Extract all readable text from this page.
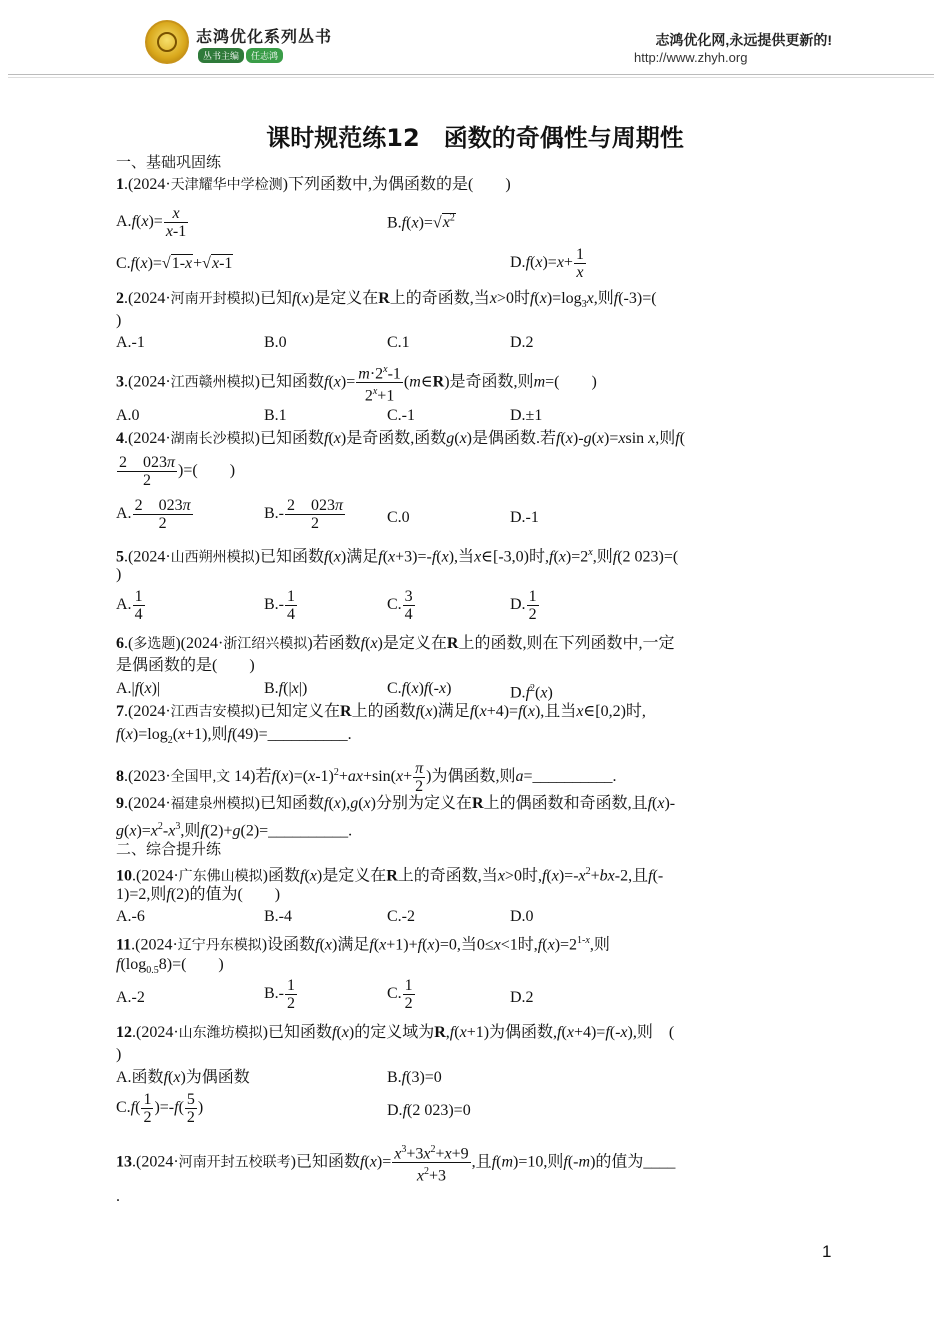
志鸿优化系列丛书
丛书主编 任志鸿
志鸿优化网,永远提供更新的!
http://www.zhyh.org
课时规范练12　函数的奇偶性与周期性
一、基础巩固练
1.(2024·天津耀华中学检测)下列函数中,为偶函数的是(　　)
$A.f(x)= \frac{x}{x-1}$	$B.f(x)=√x^2$
C.f(x)=√1-x+√x-1	$D.f(x)=x+ \frac{1}{x}$
2.(2024·河南开封模拟)已知f(x)是定义在R上的奇函数,当x>0时$f(x)=\log_3x$,则f(-3)=(
)
A.-1	B.0	C.1	D.2
3.(2024·江西赣州模拟)已知函数$f(x)= \frac{m\cdot 2^x-1}{2^x+1}$ (m∈R)是奇函数,则m=(　　)
A.0	B.1	C.-1	D.±1
4.(2024·湖南长沙模拟)已知函数f(x)是奇函数,函数g(x)是偶函数.若f(x)-g(x)=xsin x,则f(
$\frac{2 023\pi}{2}$ )=(　　)
A. $\frac{2 023\pi}{2}$	$B.- \frac{2 023\pi}{2}$	C.0	D.-1
5.(2024·山西朔州模拟)已知函数f(x)满足f(x+3)=-f(x),当x∈[-3,0)时$,f(x)=2^x$,则f(2 023)=(
)
A. $\frac{1}{4}$	$B.- \frac{1}{4}$	C. $\frac{3}{4}$	D. $\frac{1}{2}$
6.(多选题)(2024·浙江绍兴模拟)若函数f(x)是定义在R上的函数,则在下列函数中,一定
是偶函数的是(　　)
A.|f(x)|	B.f(|x|)	C.f(x)f(-x)	$D.f^2(x)$
7.(2024·江西吉安模拟)已知定义在R上的函数f(x)满足f(x+4)=f(x),且当x∈[0,2)时,
$f(x)=\log_2(x+1)$,则f(49)=__________.
8.(2023·全国甲,文 14)若$f(x)=(x-1)^2+ax+\sin(x+ \frac{\pi}{2}$ )为偶函数,则a=__________.
9.(2024·福建泉州模拟)已知函数f(x),g(x)分别为定义在R上的偶函数和奇函数,且f(x)-
$g(x)=x^2-x^3$,则f(2)+g(2)=__________.
二、综合提升练
10.(2024·广东佛山模拟)函数f(x)是定义在R上的奇函数,当x>0时$,f(x)=-x^2+bx-2$,且f(-
1)=2,则f(2)的值为(　　)
A.-6	B.-4	C.-2	D.0
11.(2024·辽宁丹东模拟)设函数f(x)满足f(x+1)+f(x)=0,当0≤x<1时$,f(x)=2^{1-x}$,则
$f(\log_{0.5}8)=$(　　)
A.-2	$B.- \frac{1}{2}$	C. $\frac{1}{2}$	D.2
12.(2024·山东潍坊模拟)已知函数f(x)的定义域为R,f(x+1)为偶函数,f(x+4)=f(-x),则　(
)
A.函数f(x)为偶函数	B.f(3)=0
$C.f( \frac{1}{2} )=-f( \frac{5}{2}$ )	D.f(2 023)=0
13.(2024·河南开封五校联考)已知函数$f(x)= \frac{x^3+3x^2+x+9}{x^2+3}$ ,且f(m)=10,则f(-m)的值为____
.
1
